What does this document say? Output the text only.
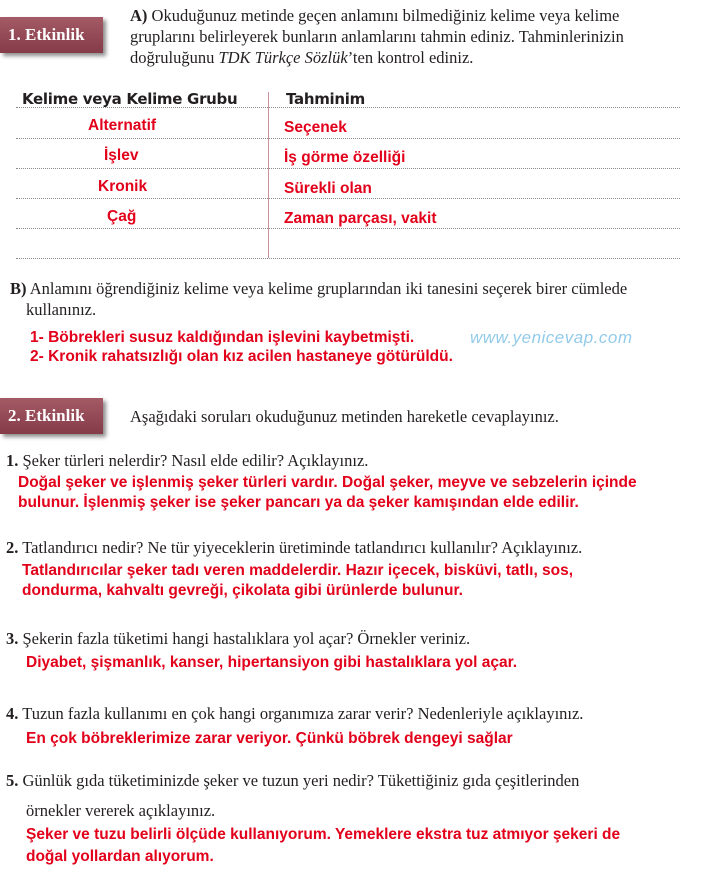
1. Etkinlik
A) Okuduğunuz metinde geçen anlamını bilmediğiniz kelime veya kelime
gruplarını belirleyerek bunların anlamlarını tahmin ediniz. Tahminlerinizin
doğruluğunu TDK Türkçe Sözlük’ten kontrol ediniz.
Kelime veya Kelime Grubu	Tahminim
Alternatif	Seçenek
İşlev	İş görme özelliği
Kronik	Sürekli olan
Çağ	Zaman parçası, vakit
B) Anlamını öğrendiğiniz kelime veya kelime gruplarından iki tanesini seçerek birer cümlede
kullanınız.
1- Böbrekleri susuz kaldığından işlevini kaybetmişti.
2- Kronik rahatsızlığı olan kız acilen hastaneye götürüldü.
www.yenicevap.com
2. Etkinlik	Aşağıdaki soruları okuduğunuz metinden hareketle cevaplayınız.
1. Şeker türleri nelerdir? Nasıl elde edilir? Açıklayınız.
Doğal şeker ve işlenmiş şeker türleri vardır. Doğal şeker, meyve ve sebzelerin içinde
bulunur. İşlenmiş şeker ise şeker pancarı ya da şeker kamışından elde edilir.
2. Tatlandırıcı nedir? Ne tür yiyeceklerin üretiminde tatlandırıcı kullanılır? Açıklayınız.
Tatlandırıcılar şeker tadı veren maddelerdir. Hazır içecek, bisküvi, tatlı, sos,
dondurma, kahvaltı gevreği, çikolata gibi ürünlerde bulunur.
3. Şekerin fazla tüketimi hangi hastalıklara yol açar? Örnekler veriniz.
Diyabet, şişmanlık, kanser, hipertansiyon gibi hastalıklara yol açar.
4. Tuzun fazla kullanımı en çok hangi organımıza zarar verir? Nedenleriyle açıklayınız.
En çok böbreklerimize zarar veriyor. Çünkü böbrek dengeyi sağlar
5. Günlük gıda tüketiminizde şeker ve tuzun yeri nedir? Tükettiğiniz gıda çeşitlerinden
örnekler vererek açıklayınız.
Şeker ve tuzu belirli ölçüde kullanıyorum. Yemeklere ekstra tuz atmıyor şekeri de
doğal yollardan alıyorum.
